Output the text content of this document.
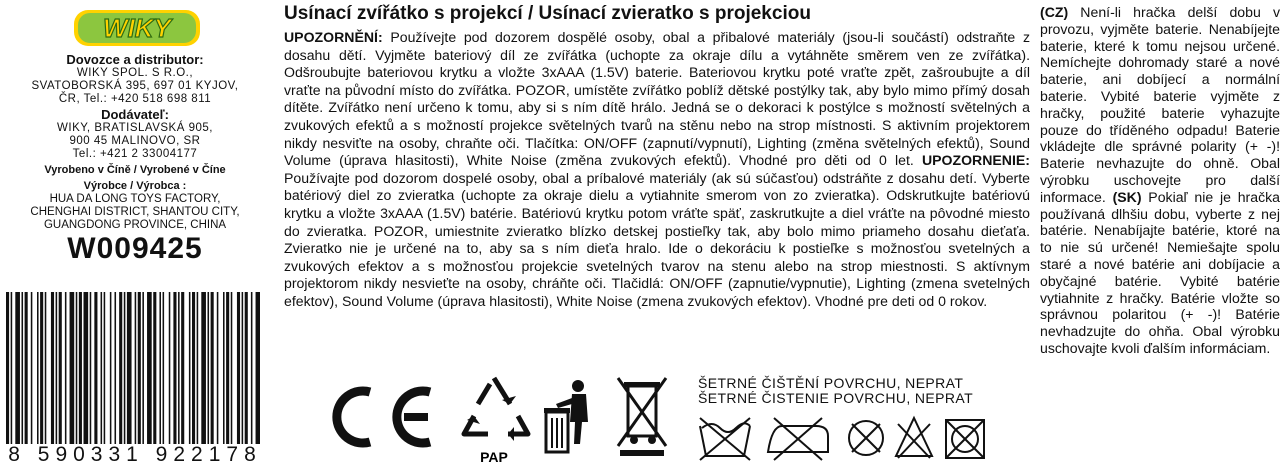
WIKY
Dovozce a distributor:
WIKY SPOL. S R.O.,
SVATOBORSKÁ 395, 697 01 KYJOV,
ČR, Tel.: +420 518 698 811
Dodávateľ:
WIKY, BRATISLAVSKÁ 905,
900 45 MALINOVO, SR
Tel.: +421 2 33004177
Vyrobeno v Číně / Vyrobené v Číne
Výrobce / Výrobca :
HUA DA LONG TOYS FACTORY,
CHENGHAI DISTRICT, SHANTOU CITY,
GUANGDONG PROVINCE, CHINA
W009425
8 590331 922178
Usínací zvířátko s projekcí / Usínací zvieratko s projekciou
UPOZORNĚNÍ: Používejte pod dozorem dospělé osoby, obal a přibalové materiály (jsou-li součástí) odstraňte z dosahu dětí. Vyjměte bateriový díl ze zvířátka (uchopte za okraje dílu a vytáhněte směrem ven ze zvířátka). Odšroubujte bateriovou krytku a vložte 3xAAA (1.5V) baterie. Bateriovou krytku poté vraťte zpět, zašroubujte a díl vraťte na původní místo do zvířátka. POZOR, umístěte zvířátko poblíž dětské postýlky tak, aby bylo mimo přímý dosah dítěte. Zvířátko není určeno k tomu, aby si s ním dítě hrálo. Jedná se o dekoraci k postýlce s možností světelných a zvukových efektů a s možností projekce světelných tvarů na stěnu nebo na strop místnosti. S aktivním projektorem nikdy nesviťte na osoby, chraňte oči. Tlačítka: ON/OFF (zapnutí/vypnutí), Lighting (změna světelných efektů), Sound Volume (úprava hlasitosti), White Noise (změna zvukových efektů). Vhodné pro děti od 0 let. UPOZORNENIE: Používajte pod dozorom dospelé osoby, obal a príbalové materiály (ak sú súčasťou) odstráňte z dosahu detí. Vyberte batériový diel zo zvieratka (uchopte za okraje dielu a vytiahnite smerom von zo zvieratka). Odskrutkujte batériovú krytku a vložte 3xAAA (1.5V) batérie. Batériovú krytku potom vráťte späť, zaskrutkujte a diel vráťte na pôvodné miesto do zvieratka. POZOR, umiestnite zvieratko blízko detskej postieľky tak, aby bolo mimo priameho dosahu dieťaťa. Zvieratko nie je určené na to, aby sa s ním dieťa hralo. Ide o dekoráciu k postieľke s možnosťou svetelných a zvukových efektov a s možnosťou projekcie svetelných tvarov na stenu alebo na strop miestnosti. S aktívnym projektorom nikdy nesvieťte na osoby, chráňte oči. Tlačidlá: ON/OFF (zapnutie/vypnutie), Lighting (zmena svetelných efektov), Sound Volume (úprava hlasitosti), White Noise (zmena zvukových efektov). Vhodné pre deti od 0 rokov.
PAP
ŠETRNÉ ČIŠTĚNÍ POVRCHU, NEPRAT
ŠETRNÉ ČISTENIE POVRCHU, NEPRAT
(CZ) Není-li hračka delší dobu v provozu, vyjměte baterie. Nenabíjejte baterie, které k tomu nejsou určené. Nemíchejte dohromady staré a nové baterie, ani dobíjecí a normální baterie. Vybité baterie vyjměte z hračky, použité baterie vyhazujte pouze do tříděného odpadu! Baterie vkládejte dle správné polarity (+ -)! Baterie nevhazujte do ohně. Obal výrobku uschovejte pro další informace. (SK) Pokiaľ nie je hračka používaná dlhšiu dobu, vyberte z nej batérie. Nenabíjajte batérie, ktoré na to nie sú určené! Nemiešajte spolu staré a nové batérie ani dobíjacie a obyčajné batérie. Vybité batérie vytiahnite z hračky. Batérie vložte so správnou polaritou (+ -)! Batérie nevhadzujte do ohňa. Obal výrobku uschovajte kvoli ďalším informáciam.
